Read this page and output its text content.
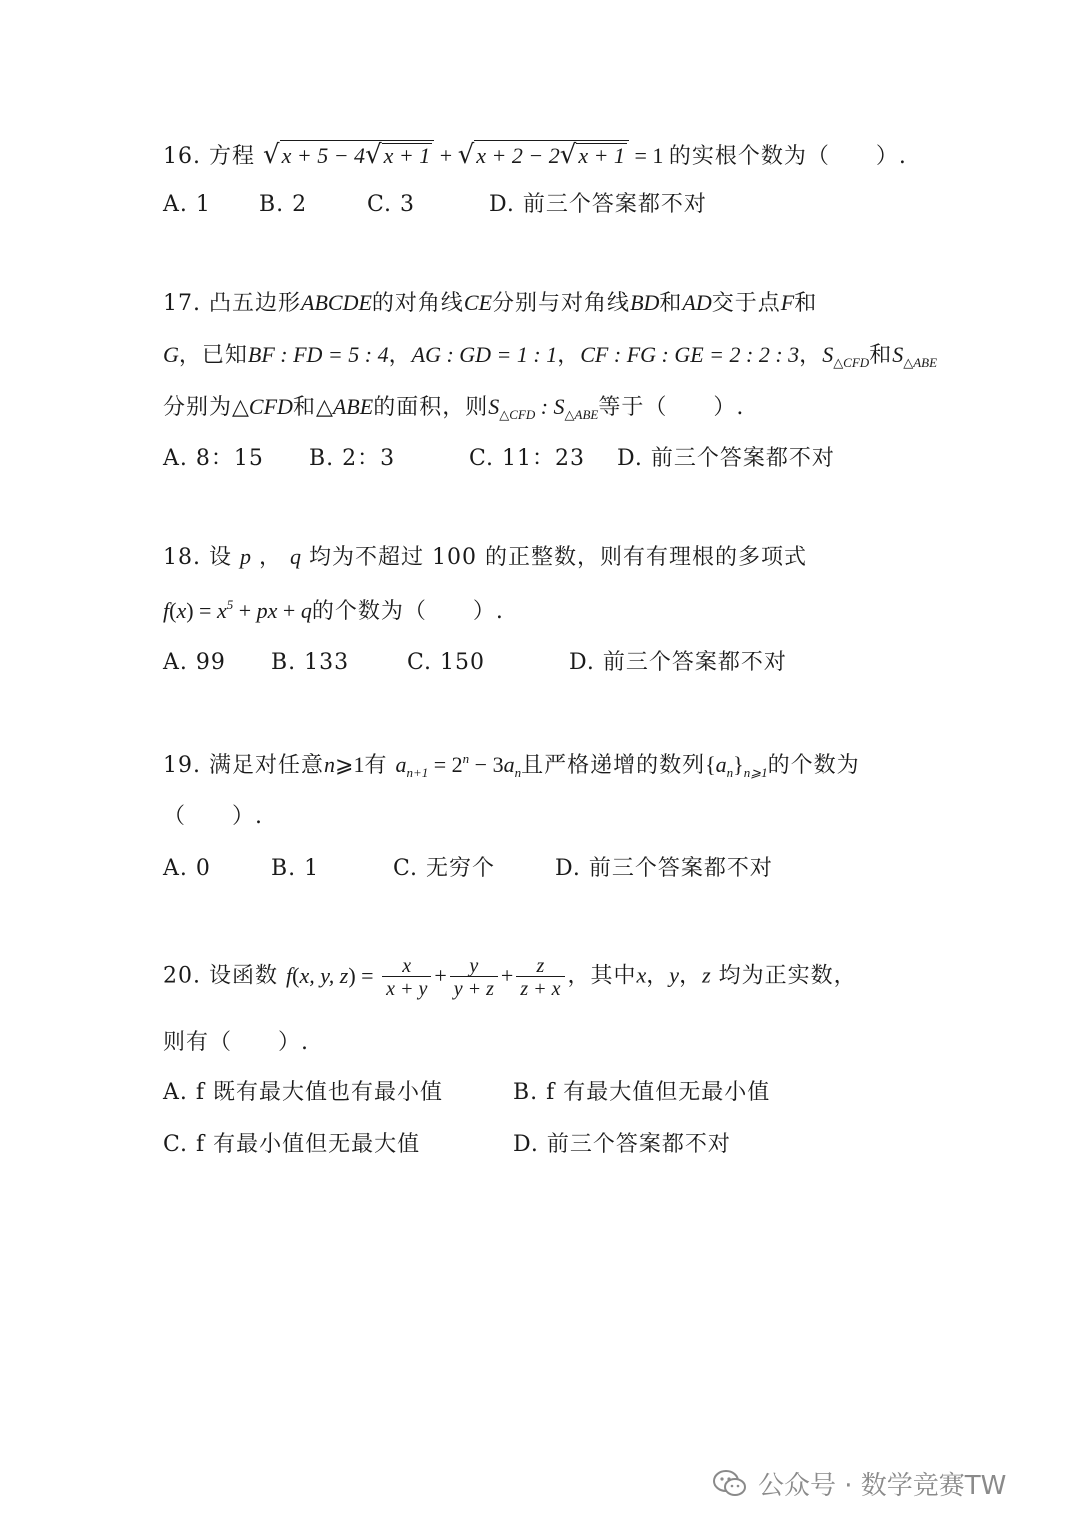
16. 方程 √x + 5 − 4√x + 1 + √x + 2 − 2√x + 1 = 1 的实根个数为（　　）.
A. 1 B. 2	C. 3	D. 前三个答案都不对
17. 凸五边形ABCDE的对角线CE分别与对角线BD和AD交于点F和
G，已知BF : FD = 5 : 4，AG : GD = 1 : 1，CF : FG : GE = 2 : 2 : 3，$S_{\triangle CFD}$和$S_{\triangle ABE}$
分别为△CFD和△ABE的面积，则$S_{\triangle CFD}$ : $S_{\triangle ABE}$等于（　　）.
A. 8：15 B. 2：3	C. 11：23 D. 前三个答案都不对
18. 设 p ， q 均为不超过 100 的正整数，则有有理根的多项式
$f(x) = x^5$ + px + q的个数为（　　）.
A. 99 B. 133	C. 150	D. 前三个答案都不对
19. 满足对任意n⩾1有 $a_{n+1} = 2^n - 3a_n$且严格递增的数列$\{a_n\}_{n⩾1}$的个数为
（　　）.
A. 0	B. 1	C. 无穷个	D. 前三个答案都不对
20. 设函数 f(x, y, $z) = \frac{x}{x + y} + \frac{y}{y + z} + \frac{z}{z + x}$ ，其中x，y，z 均为正实数，
则有（　　）.
A. f 既有最大值也有最小值	B. f 有最大值但无最小值
C. f 有最小值但无最大值	D. 前三个答案都不对
公众号 · 数学竞赛TW
